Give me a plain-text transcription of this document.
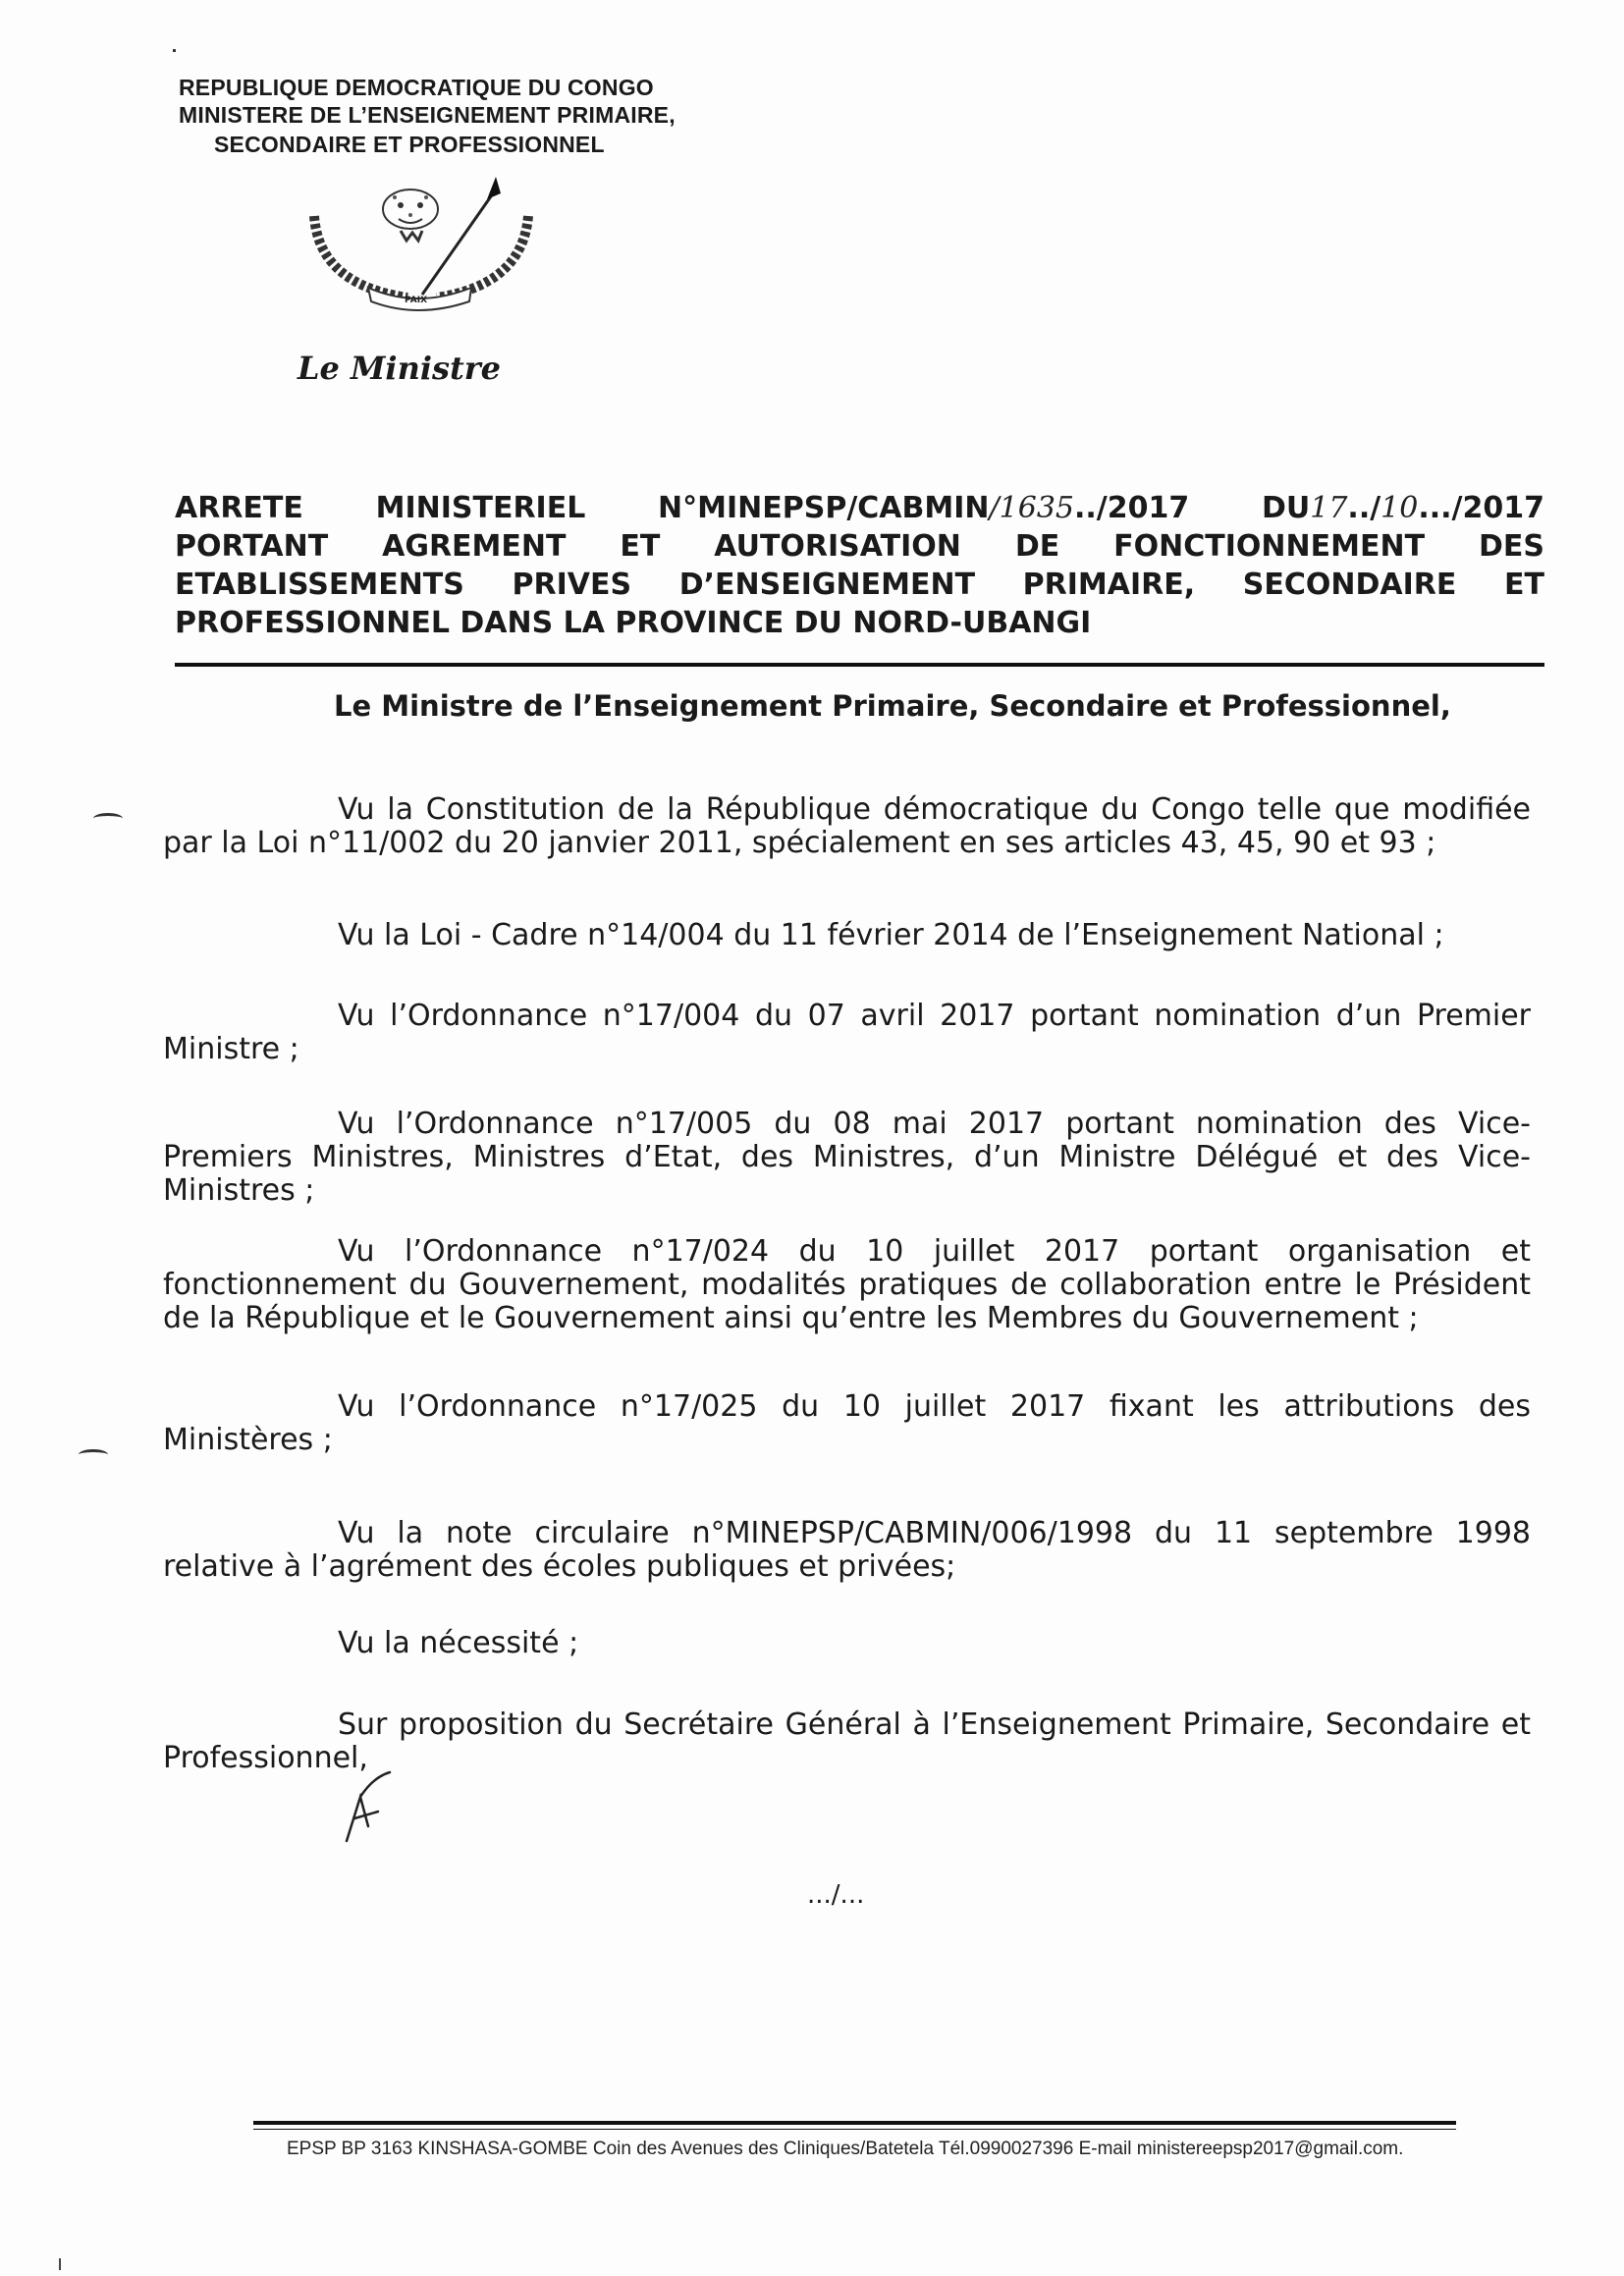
REPUBLIQUE DEMOCRATIQUE DU CONGO
MINISTERE DE L’ENSEIGNEMENT PRIMAIRE,
SECONDAIRE ET PROFESSIONNEL
PAIX
Le Ministre
ARRETE MINISTERIEL N°MINEPSP/CABMIN/1635../2017 DU17../10.../2017
PORTANT AGREMENT ET AUTORISATION DE FONCTIONNEMENT DES
ETABLISSEMENTS PRIVES D’ENSEIGNEMENT PRIMAIRE, SECONDAIRE ET
PROFESSIONNEL DANS LA PROVINCE DU NORD-UBANGI
Le Ministre de l’Enseignement Primaire, Secondaire et Professionnel,
Vu la Constitution de la République démocratique du Congo telle que modifiée par la Loi n°11/002 du 20 janvier 2011, spécialement en ses articles 43, 45, 90 et 93 ;
Vu la Loi - Cadre n°14/004 du 11 février 2014 de l’Enseignement National ;
Vu l’Ordonnance n°17/004 du 07 avril 2017 portant nomination d’un Premier Ministre ;
Vu l’Ordonnance n°17/005 du 08 mai 2017 portant nomination des Vice-Premiers Ministres, Ministres d’Etat, des Ministres, d’un Ministre Délégué et des Vice-Ministres ;
Vu l’Ordonnance n°17/024 du 10 juillet 2017 portant organisation et fonctionnement du Gouvernement, modalités pratiques de collaboration entre le Président de la République et le Gouvernement ainsi qu’entre les Membres du Gouvernement ;
Vu l’Ordonnance n°17/025 du 10 juillet 2017 fixant les attributions des Ministères ;
Vu la note circulaire n°MINEPSP/CABMIN/006/1998 du 11 septembre 1998 relative à l’agrément des écoles publiques et privées;
Vu la nécessité ;
Sur proposition du Secrétaire Général à l’Enseignement Primaire, Secondaire et Professionnel,
.../...
EPSP BP 3163 KINSHASA-GOMBE Coin des Avenues des Cliniques/Batetela Tél.0990027396 E-mail ministereepsp2017@gmail.com.
